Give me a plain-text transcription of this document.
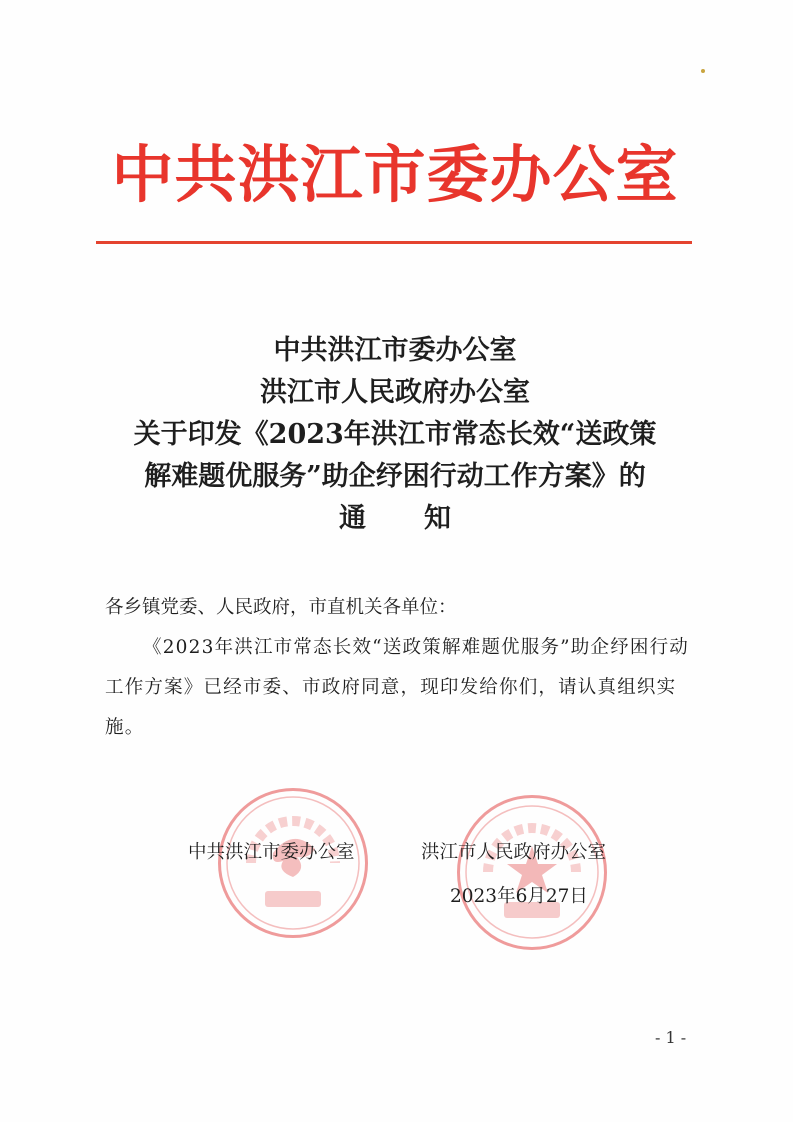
中共洪江市委办公室
中共洪江市委办公室
洪江市人民政府办公室
关于印发《2023年洪江市常态长效“送政策
解难题优服务”助企纾困行动工作方案》的
通知
各乡镇党委、人民政府，市直机关各单位：
《2023年洪江市常态长效“送政策解难题优服务”助企纾困行动工作方案》已经市委、市政府同意，现印发给你们，请认真组织实施。
中共洪江市委办公室	洪江市人民政府办公室
2023年6月27日
- 1 -
